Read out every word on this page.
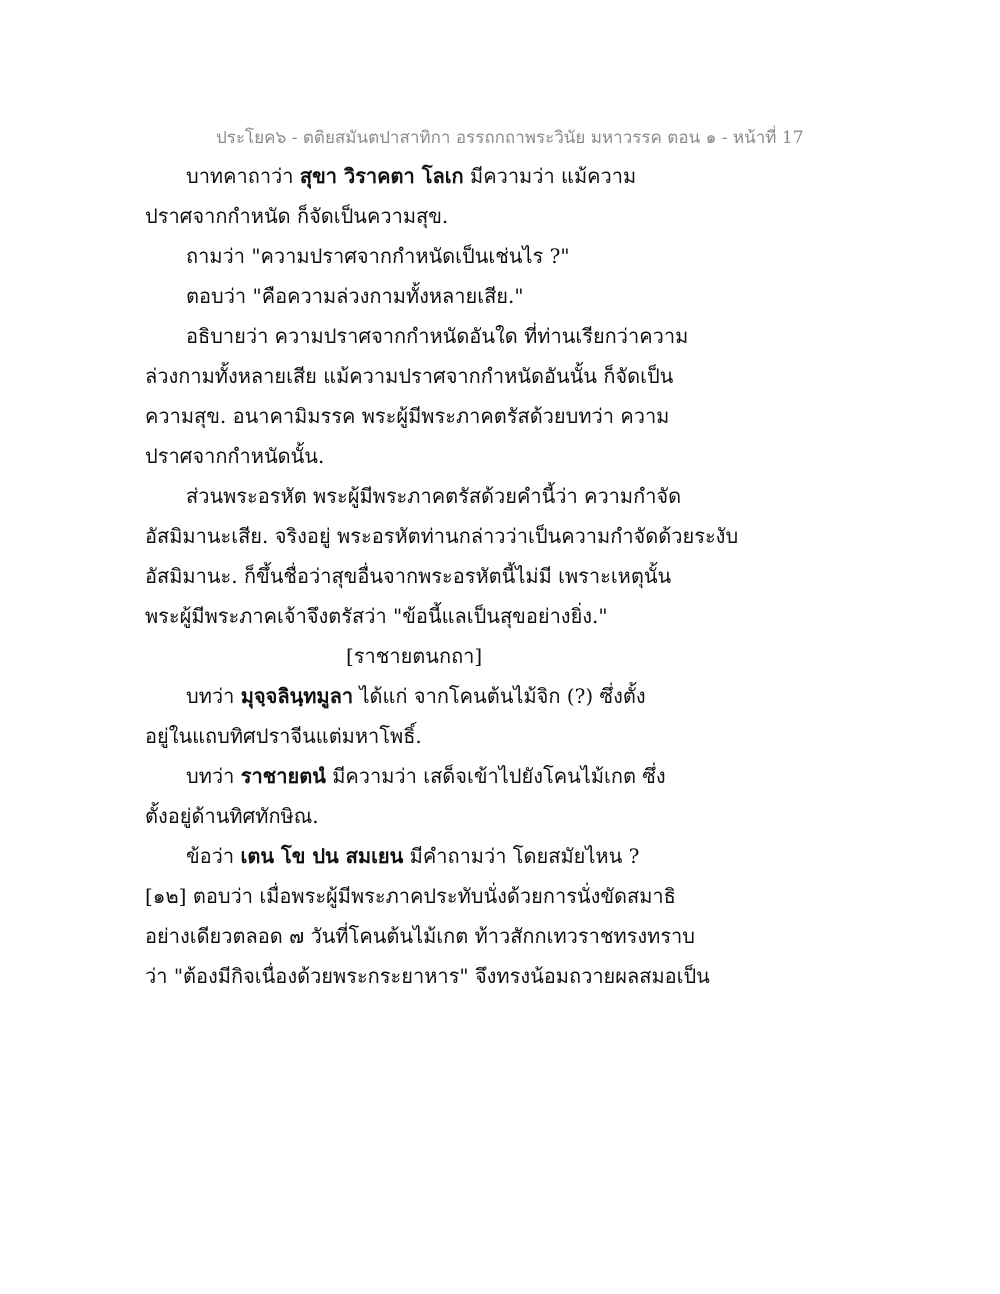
ประโยค๖ - ตติยสมันตปาสาทิกา อรรถกถาพระวินัย มหาวรรค ตอน ๑ - หน้าที่ 17
บาทคาถาว่า สุขา วิราคตา โลเก มีความว่า แม้ความ
ปราศจากกำหนัด ก็จัดเป็นความสุข.
ถามว่า "ความปราศจากกำหนัดเป็นเช่นไร ?"
ตอบว่า "คือความล่วงกามทั้งหลายเสีย."
อธิบายว่า ความปราศจากกำหนัดอันใด ที่ท่านเรียกว่าความ
ล่วงกามทั้งหลายเสีย แม้ความปราศจากกำหนัดอันนั้น ก็จัดเป็น
ความสุข. อนาคามิมรรค พระผู้มีพระภาคตรัสด้วยบทว่า ความ
ปราศจากกำหนัดนั้น.
ส่วนพระอรหัต พระผู้มีพระภาคตรัสด้วยคำนี้ว่า ความกำจัด
อัสมิมานะเสีย. จริงอยู่ พระอรหัตท่านกล่าวว่าเป็นความกำจัดด้วยระงับ
อัสมิมานะ. ก็ขึ้นชื่อว่าสุขอื่นจากพระอรหัตนี้ไม่มี เพราะเหตุนั้น
พระผู้มีพระภาคเจ้าจึงตรัสว่า "ข้อนี้แลเป็นสุขอย่างยิ่ง."
[ราชายตนกถา]
บทว่า มุจฺจลินฺทมูลา ได้แก่ จากโคนต้นไม้จิก (?) ซึ่งตั้ง
อยู่ในแถบทิศปราจีนแต่มหาโพธิ์.
บทว่า ราชายตนํ มีความว่า เสด็จเข้าไปยังโคนไม้เกต ซึ่ง
ตั้งอยู่ด้านทิศทักษิณ.
ข้อว่า เตน โข ปน สมเยน มีคำถามว่า โดยสมัยไหน ?
[๑๒] ตอบว่า เมื่อพระผู้มีพระภาคประทับนั่งด้วยการนั่งขัดสมาธิ
อย่างเดียวตลอด ๗ วันที่โคนต้นไม้เกต ท้าวสักกเทวราชทรงทราบ
ว่า "ต้องมีกิจเนื่องด้วยพระกระยาหาร" จึงทรงน้อมถวายผลสมอเป็น
